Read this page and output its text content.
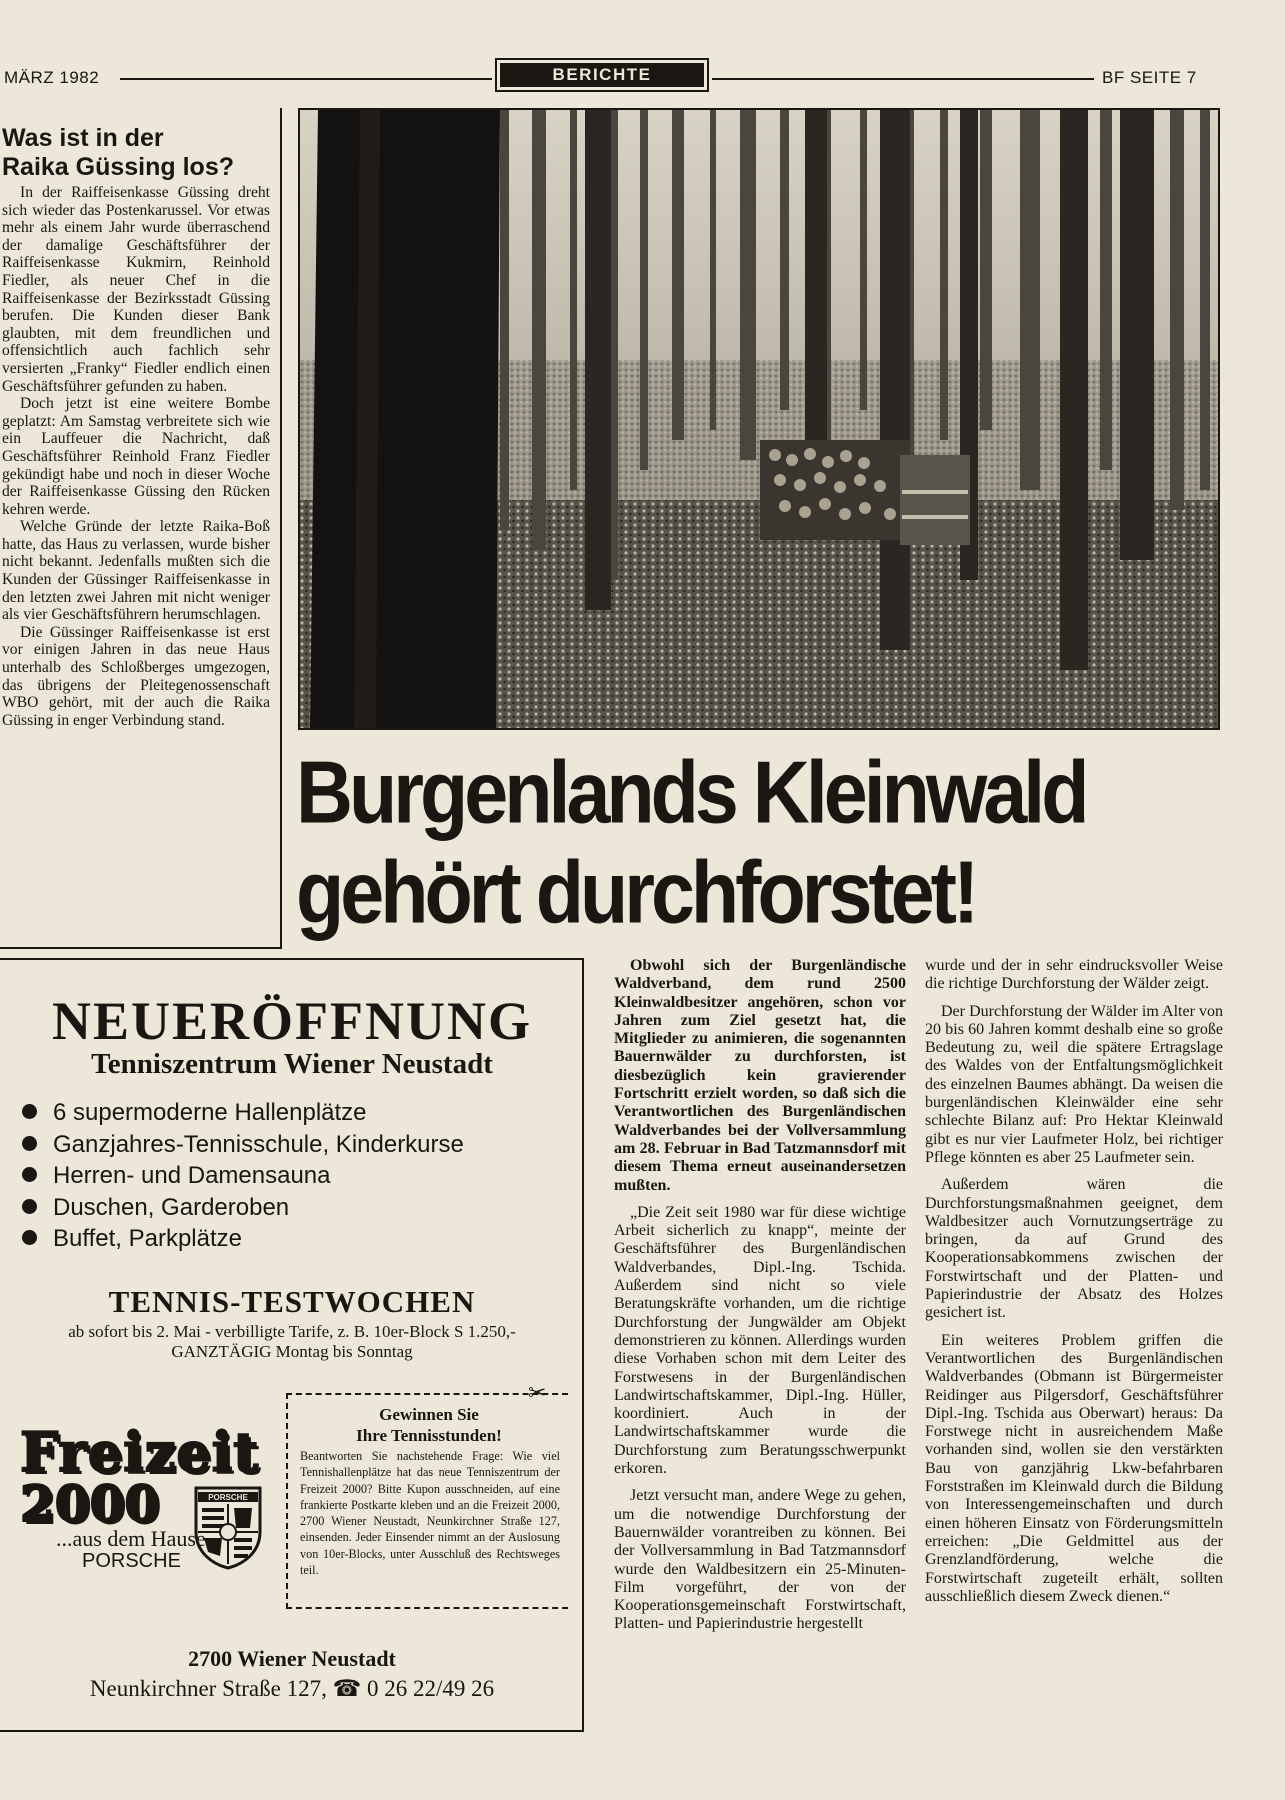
MÄRZ 1982	BERICHTE	BF SEITE 7
Was ist in der
Raika Güssing los?

In der Raiffeisenkasse Güssing dreht sich wieder das Postenkarussel. Vor etwas mehr als einem Jahr wurde überraschend der damalige Geschäftsführer der Raiffeisenkasse Kukmirn, Reinhold Fiedler, als neuer Chef in die Raiffeisenkasse der Bezirksstadt Güssing berufen. Die Kunden dieser Bank glaubten, mit dem freundlichen und offensichtlich auch fachlich sehr versierten „Franky“ Fiedler endlich einen Geschäftsführer gefunden zu haben.

Doch jetzt ist eine weitere Bombe geplatzt: Am Samstag verbreitete sich wie ein Lauffeuer die Nachricht, daß Geschäftsführer Reinhold Franz Fiedler gekündigt habe und noch in dieser Woche der Raiffeisenkasse Güssing den Rücken kehren werde.

Welche Gründe der letzte Raika-Boß hatte, das Haus zu verlassen, wurde bisher nicht bekannt. Jedenfalls mußten sich die Kunden der Güssinger Raiffeisenkasse in den letzten zwei Jahren mit nicht weniger als vier Geschäftsführern herumschlagen.

Die Güssinger Raiffeisenkasse ist erst vor einigen Jahren in das neue Haus unterhalb des Schloßberges umgezogen, das übrigens der Pleitegenossenschaft WBO gehört, mit der auch die Raika Güssing in enger Verbindung stand.

Burgenlands Kleinwald
gehört durchforstet!
NEUERÖFFNUNG
Tenniszentrum Wiener Neustadt
6 supermoderne Hallenplätze
Ganzjahres-Tennisschule, Kinderkurse
Herren- und Damensauna
Duschen, Garderoben
Buffet, Parkplätze
TENNIS-TESTWOCHEN
ab sofort bis 2. Mai - verbilligte Tarife, z. B. 10er-Block S 1.250,-
GANZTÄGIG Montag bis Sonntag
Freizeit
2000	PORSCHE
...aus dem Hause
PORSCHE
✂
Gewinnen Sie
Ihre Tennisstunden!
Beantworten Sie nachstehende Frage: Wie viel Tennishallenplätze hat das neue Tenniszentrum der Freizeit 2000? Bitte Kupon ausschneiden, auf eine frankierte Postkarte kleben und an die Freizeit 2000, 2700 Wiener Neustadt, Neunkirchner Straße 127, einsenden. Jeder Einsender nimmt an der Auslosung von 10er-Blocks, unter Ausschluß des Rechtsweges teil.
2700 Wiener Neustadt
Neunkirchner Straße 127, ☎ 0 26 22/49 26

Obwohl sich der Burgenländische Waldverband, dem rund 2500 Kleinwaldbesitzer angehören, schon vor Jahren zum Ziel gesetzt hat, die Mitglieder zu animieren, die sogenannten Bauernwälder zu durchforsten, ist diesbezüglich kein gravierender Fortschritt erzielt worden, so daß sich die Verantwortlichen des Burgenländischen Waldverbandes bei der Vollversammlung am 28. Februar in Bad Tatzmannsdorf mit diesem Thema erneut auseinandersetzen mußten.

„Die Zeit seit 1980 war für diese wichtige Arbeit sicherlich zu knapp“, meinte der Geschäftsführer des Burgenländischen Waldverbandes, Dipl.-Ing. Tschida. Außerdem sind nicht so viele Beratungskräfte vorhanden, um die richtige Durchforstung der Jungwälder am Objekt demonstrieren zu können. Allerdings wurden diese Vorhaben schon mit dem Leiter des Forstwesens in der Burgenländischen Landwirtschaftskammer, Dipl.-Ing. Hüller, koordiniert. Auch in der Landwirtschaftskammer wurde die Durchforstung zum Beratungsschwerpunkt erkoren.

Jetzt versucht man, andere Wege zu gehen, um die notwendige Durchforstung der Bauernwälder vorantreiben zu können. Bei der Vollversammlung in Bad Tatzmannsdorf wurde den Waldbesitzern ein 25-Minuten-Film vorgeführt, der von der Kooperationsgemeinschaft Forstwirtschaft, Platten- und Papierindustrie hergestellt

wurde und der in sehr eindrucksvoller Weise die richtige Durchforstung der Wälder zeigt.

Der Durchforstung der Wälder im Alter von 20 bis 60 Jahren kommt deshalb eine so große Bedeutung zu, weil die spätere Ertragslage des Waldes von der Entfaltungsmöglichkeit des einzelnen Baumes abhängt. Da weisen die burgenländischen Kleinwälder eine sehr schlechte Bilanz auf: Pro Hektar Kleinwald gibt es nur vier Laufmeter Holz, bei richtiger Pflege könnten es aber 25 Laufmeter sein.

Außerdem wären die Durchforstungsmaßnahmen geeignet, dem Waldbesitzer auch Vornutzungserträge zu bringen, da auf Grund des Kooperationsabkommens zwischen der Forstwirtschaft und der Platten- und Papierindustrie der Absatz des Holzes gesichert ist.

Ein weiteres Problem griffen die Verantwortlichen des Burgenländischen Waldverbandes (Obmann ist Bürgermeister Reidinger aus Pilgersdorf, Geschäftsführer Dipl.-Ing. Tschida aus Oberwart) heraus: Da Forstwege nicht in ausreichendem Maße vorhanden sind, wollen sie den verstärkten Bau von ganzjährig Lkw-befahrbaren Forststraßen im Kleinwald durch die Bildung von Interessengemeinschaften und durch einen höheren Einsatz von Förderungsmitteln erreichen: „Die Geldmittel aus der Grenzlandförderung, welche die Forstwirtschaft zugeteilt erhält, sollten ausschließlich diesem Zweck dienen.“
